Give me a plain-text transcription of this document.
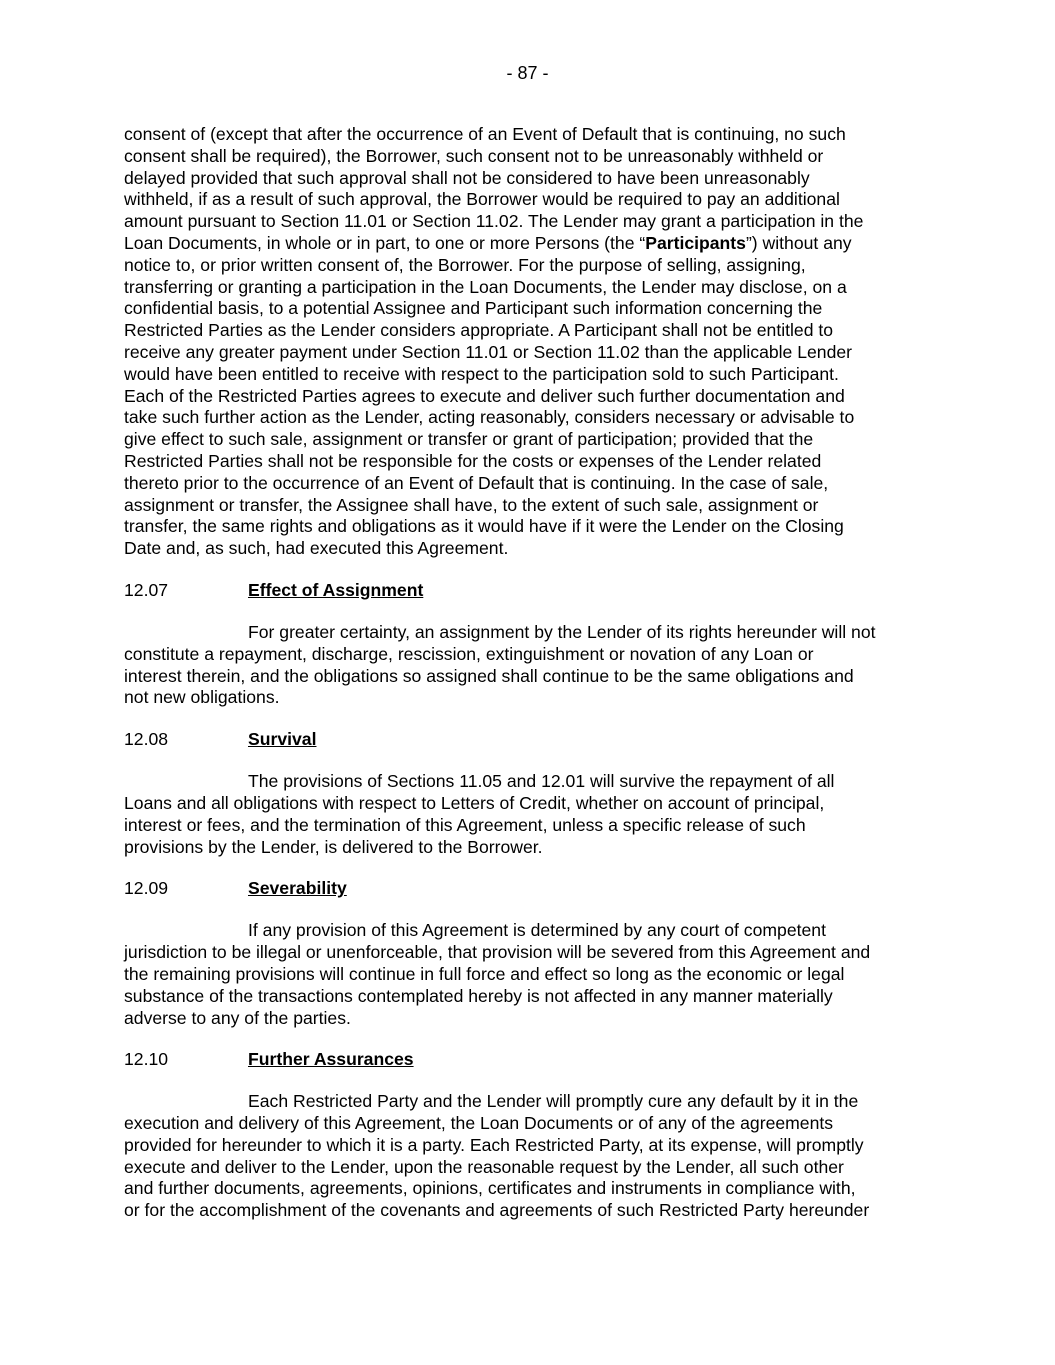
- 87 -
consent of (except that after the occurrence of an Event of Default that is continuing, no such
consent shall be required), the Borrower, such consent not to be unreasonably withheld or
delayed provided that such approval shall not be considered to have been unreasonably
withheld, if as a result of such approval, the Borrower would be required to pay an additional
amount pursuant to Section 11.01 or Section 11.02. The Lender may grant a participation in the
Loan Documents, in whole or in part, to one or more Persons (the “Participants”) without any
notice to, or prior written consent of, the Borrower. For the purpose of selling, assigning,
transferring or granting a participation in the Loan Documents, the Lender may disclose, on a
confidential basis, to a potential Assignee and Participant such information concerning the
Restricted Parties as the Lender considers appropriate. A Participant shall not be entitled to
receive any greater payment under Section 11.01 or Section 11.02 than the applicable Lender
would have been entitled to receive with respect to the participation sold to such Participant.
Each of the Restricted Parties agrees to execute and deliver such further documentation and
take such further action as the Lender, acting reasonably, considers necessary or advisable to
give effect to such sale, assignment or transfer or grant of participation; provided that the
Restricted Parties shall not be responsible for the costs or expenses of the Lender related
thereto prior to the occurrence of an Event of Default that is continuing. In the case of sale,
assignment or transfer, the Assignee shall have, to the extent of such sale, assignment or
transfer, the same rights and obligations as it would have if it were the Lender on the Closing
Date and, as such, had executed this Agreement.
12.07	Effect of Assignment
For greater certainty, an assignment by the Lender of its rights hereunder will not
constitute a repayment, discharge, rescission, extinguishment or novation of any Loan or
interest therein, and the obligations so assigned shall continue to be the same obligations and
not new obligations.
12.08	Survival
The provisions of Sections 11.05 and 12.01 will survive the repayment of all
Loans and all obligations with respect to Letters of Credit, whether on account of principal,
interest or fees, and the termination of this Agreement, unless a specific release of such
provisions by the Lender, is delivered to the Borrower.
12.09	Severability
If any provision of this Agreement is determined by any court of competent
jurisdiction to be illegal or unenforceable, that provision will be severed from this Agreement and
the remaining provisions will continue in full force and effect so long as the economic or legal
substance of the transactions contemplated hereby is not affected in any manner materially
adverse to any of the parties.
12.10	Further Assurances
Each Restricted Party and the Lender will promptly cure any default by it in the
execution and delivery of this Agreement, the Loan Documents or of any of the agreements
provided for hereunder to which it is a party. Each Restricted Party, at its expense, will promptly
execute and deliver to the Lender, upon the reasonable request by the Lender, all such other
and further documents, agreements, opinions, certificates and instruments in compliance with,
or for the accomplishment of the covenants and agreements of such Restricted Party hereunder
